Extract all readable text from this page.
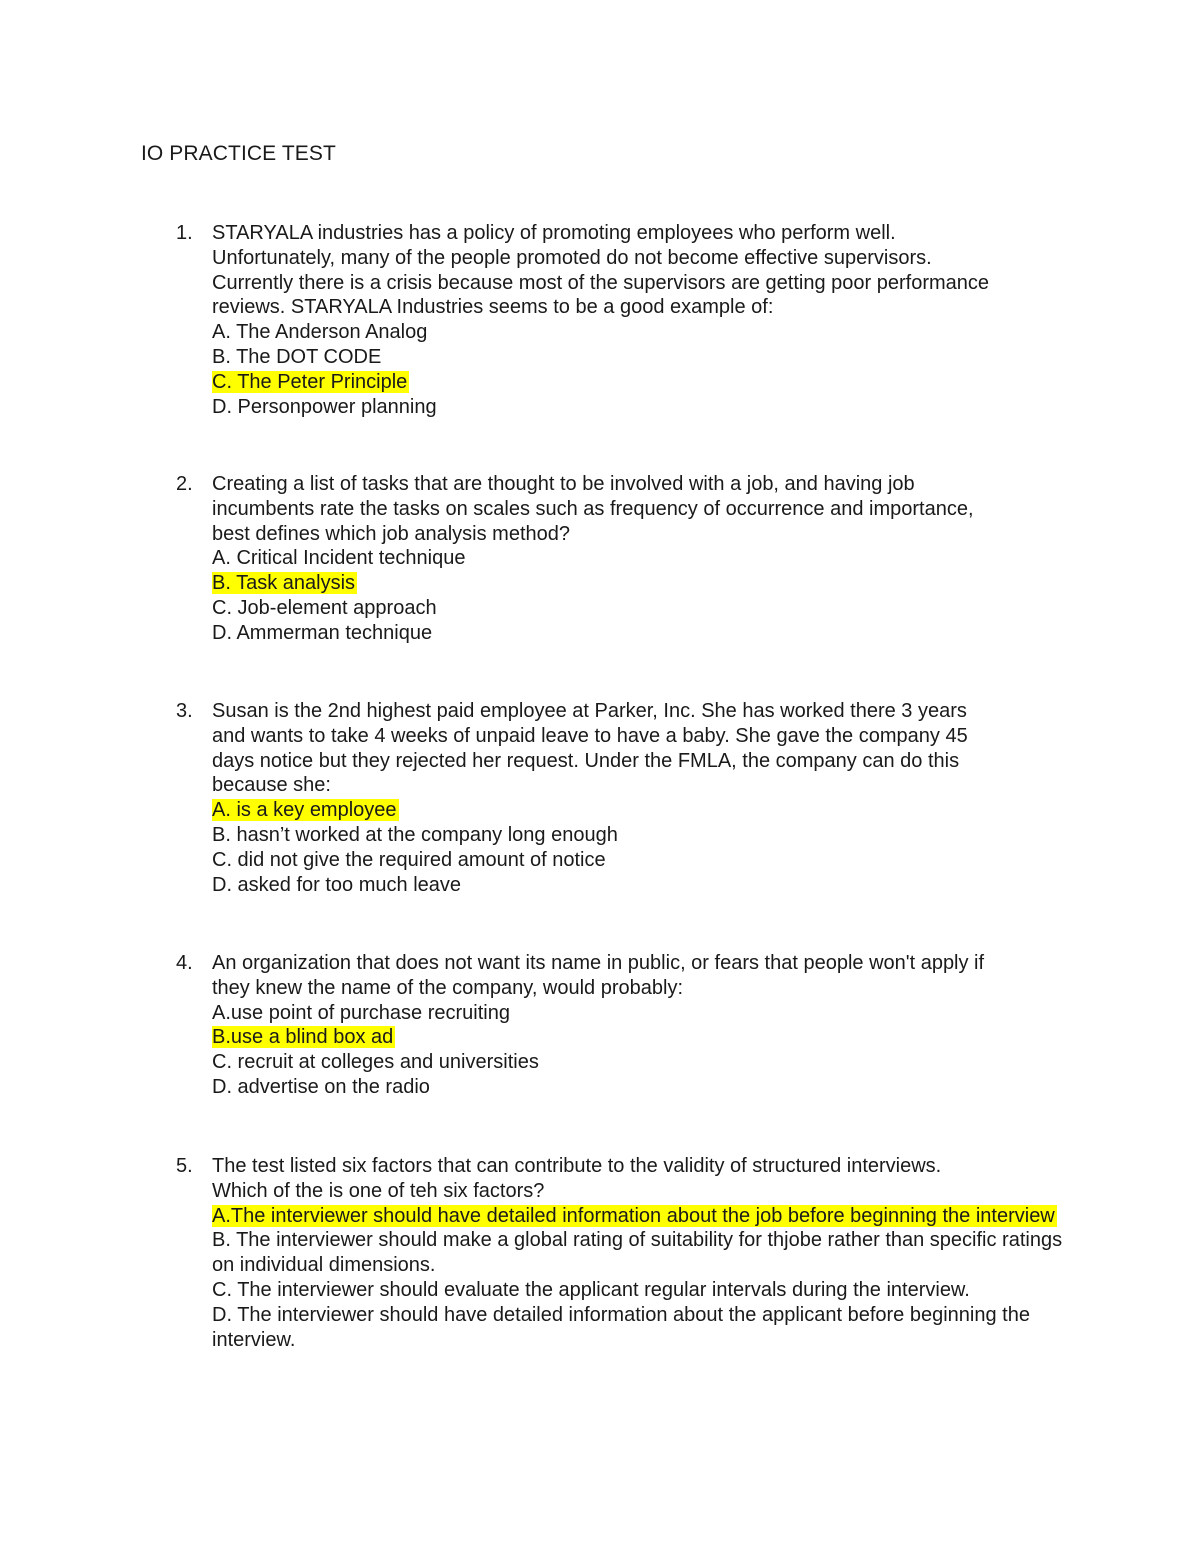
IO PRACTICE TEST
1. STARYALA industries has a policy of promoting employees who perform well.
Unfortunately, many of the people promoted do not become effective supervisors.
Currently there is a crisis because most of the supervisors are getting poor performance
reviews. STARYALA Industries seems to be a good example of:
A. The Anderson Analog
B. The DOT CODE
C. The Peter Principle
D. Personpower planning
2. Creating a list of tasks that are thought to be involved with a job, and having job
incumbents rate the tasks on scales such as frequency of occurrence and importance,
best defines which job analysis method?
A. Critical Incident technique
B. Task analysis
C. Job-element approach
D. Ammerman technique
3. Susan is the 2nd highest paid employee at Parker, Inc. She has worked there 3 years
and wants to take 4 weeks of unpaid leave to have a baby. She gave the company 45
days notice but they rejected her request. Under the FMLA, the company can do this
because she:
A. is a key employee
B. hasn’t worked at the company long enough
C. did not give the required amount of notice
D. asked for too much leave
4. An organization that does not want its name in public, or fears that people won't apply if
they knew the name of the company, would probably:
A.use point of purchase recruiting
B.use a blind box ad
C. recruit at colleges and universities
D. advertise on the radio
5. The test listed six factors that can contribute to the validity of structured interviews.
Which of the is one of teh six factors?
A.The interviewer should have detailed information about the job before beginning the interview
B. The interviewer should make a global rating of suitability for thjobe rather than specific ratings on individual dimensions.
C. The interviewer should evaluate the applicant regular intervals during the interview.
D. The interviewer should have detailed information about the applicant before beginning the interview.
